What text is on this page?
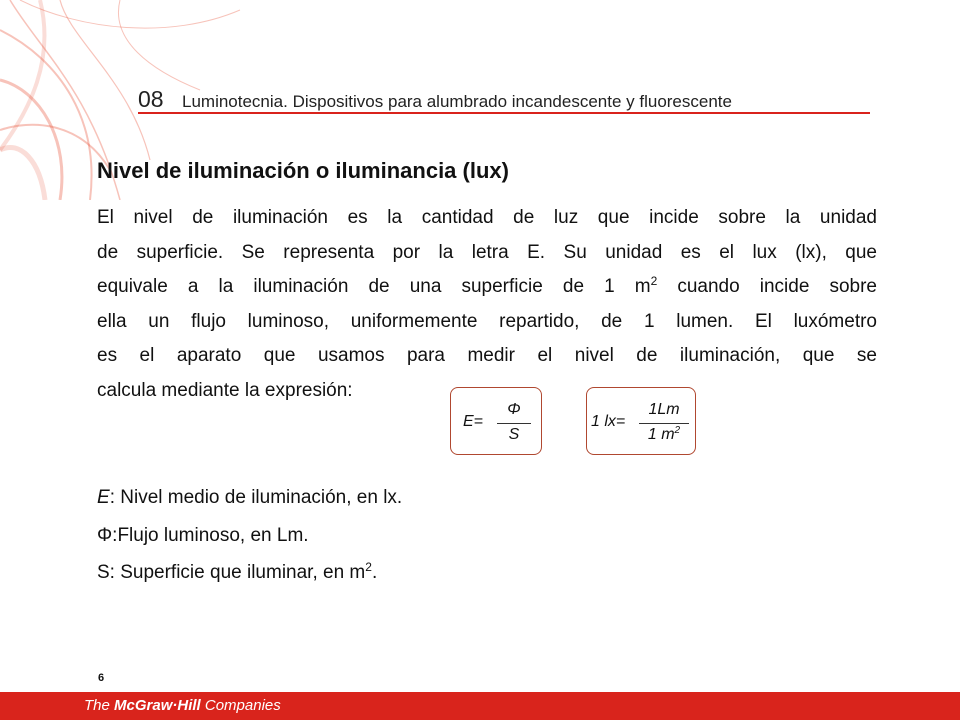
08 Luminotecnia. Dispositivos para alumbrado incandescente y fluorescente
Nivel de iluminación o iluminancia (lux)
El nivel de iluminación es la cantidad de luz que incide sobre la unidad
de superficie. Se representa por la letra E. Su unidad es el lux (lx), que
equivale a la iluminación de una superficie de 1 $m^2$ cuando incide sobre
ella un flujo luminoso, uniformemente repartido, de 1 lumen. El luxómetro
es el aparato que usamos para medir el nivel de iluminación, que se
calcula mediante la expresión:
E=
Φ
S
1 lx=
1Lm
1 $m^2$
E: Nivel medio de iluminación, en lx.
Φ:Flujo luminoso, en Lm.
S: Superficie que iluminar, en $m^2$.
6
The McGraw·Hill Companies
